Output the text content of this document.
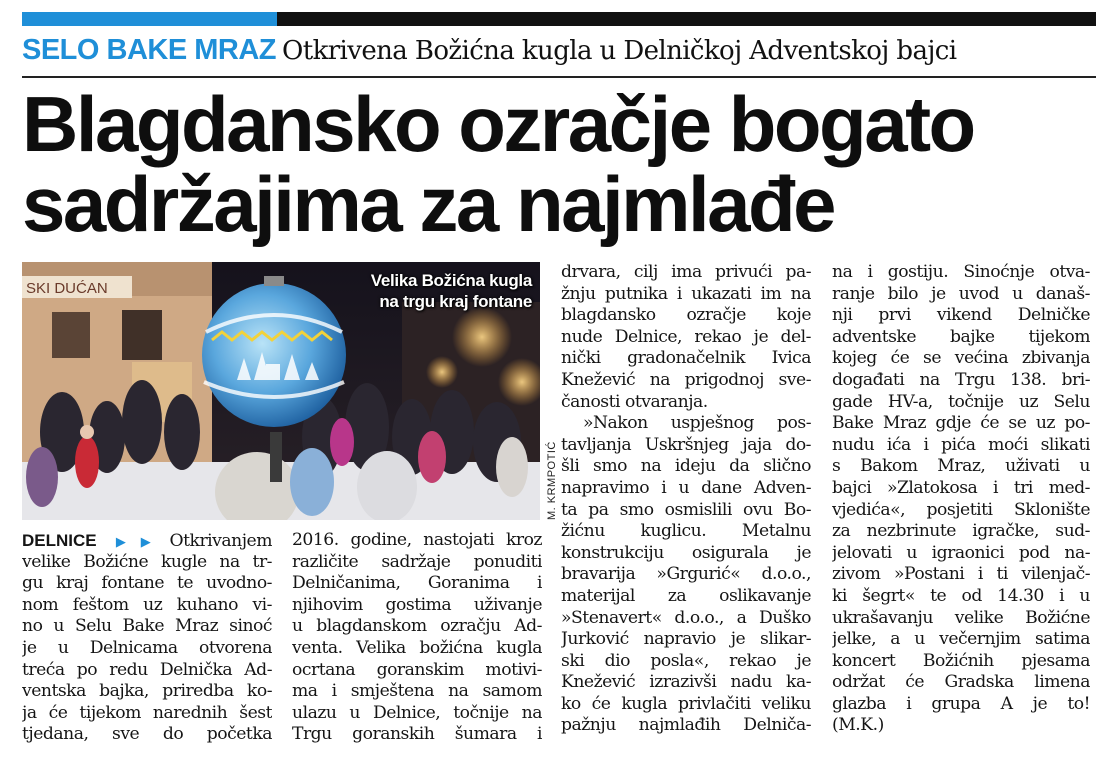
SELO BAKE MRAZ Otkrivena Božićna kugla u Delničkoj Adventskoj bajci
Blagdansko ozračje bogato
sadržajima za najmlađe
SKI DUĆAN	Velika Božićna kugla
na trgu kraj fontane
M. KRMPOTIĆ
DELNICE ▶▶ Otkrivanjem
velike Božićne kugle na tr-
gu kraj fontane te uvodno-
nom feštom uz kuhano vi-
no u Selu Bake Mraz sinoć
je u Delnicama otvorena
treća po redu Delnička Ad-
ventska bajka, priredba ko-
ja će tijekom narednih šest
tjedana, sve do početka
2016. godine, nastojati kroz
različite sadržaje ponuditi
Delničanima, Goranima i
njihovim gostima uživanje
u blagdanskom ozračju Ad-
venta. Velika božićna kugla
ocrtana goranskim motivi-
ma i smještena na samom
ulazu u Delnice, točnije na
Trgu goranskih šumara i
drvara, cilj ima privući pa-
žnju putnika i ukazati im na
blagdansko ozračje koje
nude Delnice, rekao je del-
nički gradonačelnik Ivica
Knežević na prigodnoj sve-
čanosti otvaranja.
»Nakon uspješnog pos-
tavljanja Uskršnjeg jaja do-
šli smo na ideju da slično
napravimo i u dane Adven-
ta pa smo osmislili ovu Bo-
žićnu kuglicu. Metalnu
konstrukciju osigurala je
bravarija »Grgurić« d.o.o.,
materijal za oslikavanje
»Stenavert« d.o.o., a Duško
Jurković napravio je slikar-
ski dio posla«, rekao je
Knežević izrazivši nadu ka-
ko će kugla privlačiti veliku
pažnju najmlađih Delniča-
na i gostiju. Sinoćnje otva-
ranje bilo je uvod u današ-
nji prvi vikend Delničke
adventske bajke tijekom
kojeg će se većina zbivanja
događati na Trgu 138. bri-
gade HV-a, točnije uz Selu
Bake Mraz gdje će se uz po-
nudu ića i pića moći slikati
s Bakom Mraz, uživati u
bajci »Zlatokosa i tri med-
vjedića«, posjetiti Sklonište
za nezbrinute igračke, sud-
jelovati u igraonici pod na-
zivom »Postani i ti vilenjač-
ki šegrt« te od 14.30 i u
ukrašavanju velike Božićne
jelke, a u večernjim satima
koncert Božićnih pjesama
održat će Gradska limena
glazba i grupa A je to!
(M.K.)
